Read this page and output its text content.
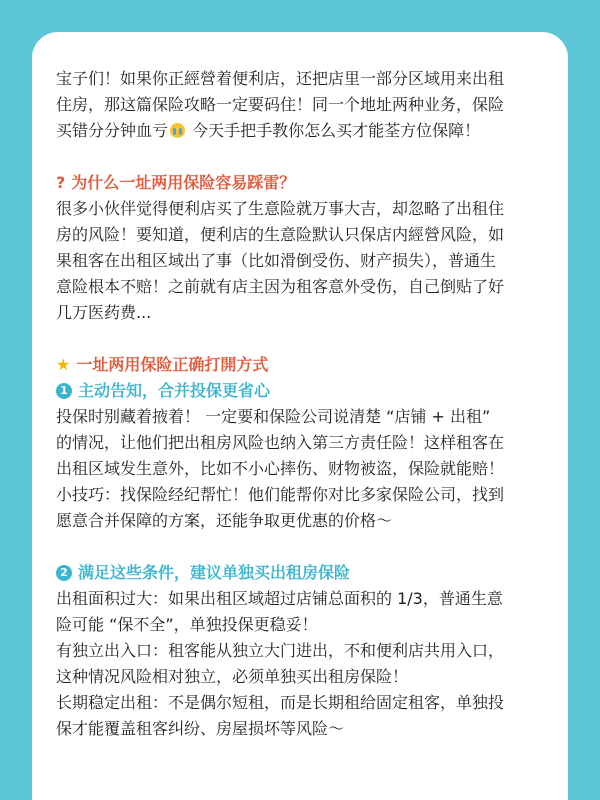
宝子们！如果你正經營着便利店，还把店里一部分区域用来出租

住房，那这篇保险攻略一定要码住！同一个地址两种业务，保险

买错分分钟血亏 今天手把手教你怎么买才能荃方位保障！

? 为什么一址两用保险容易踩雷？

很多小伙伴觉得便利店买了生意险就万事大吉，却忽略了出租住

房的风险！要知道，便利店的生意险默认只保店内經營风险，如

果租客在出租区域出了事（比如滑倒受伤、财产损失），普通生

意险根本不赔！之前就有店主因为租客意外受伤，自己倒贴了好

几万医药费...

★ 一址两用保险正确打開方式

1 主动告知，合并投保更省心

投保时别藏着掖着！ 一定要和保险公司说清楚 “店铺 + 出租”

的情况，让他们把出租房风险也纳入第三方责任险！这样租客在

出租区域发生意外，比如不小心摔伤、财物被盗，保险就能赔！

小技巧：找保险经纪帮忙！他们能帮你对比多家保险公司，找到

愿意合并保障的方案，还能争取更优惠的价格～

2 满足这些条件，建议单独买出租房保险

出租面积过大：如果出租区域超过店铺总面积的 1/3，普通生意

险可能 “保不全”，单独投保更稳妥！

有独立出入口：租客能从独立大门进出，不和便利店共用入口，

这种情况风险相对独立，必须单独买出租房保险！

长期稳定出租：不是偶尔短租，而是长期租给固定租客，单独投

保才能覆盖租客纠纷、房屋损坏等风险～
